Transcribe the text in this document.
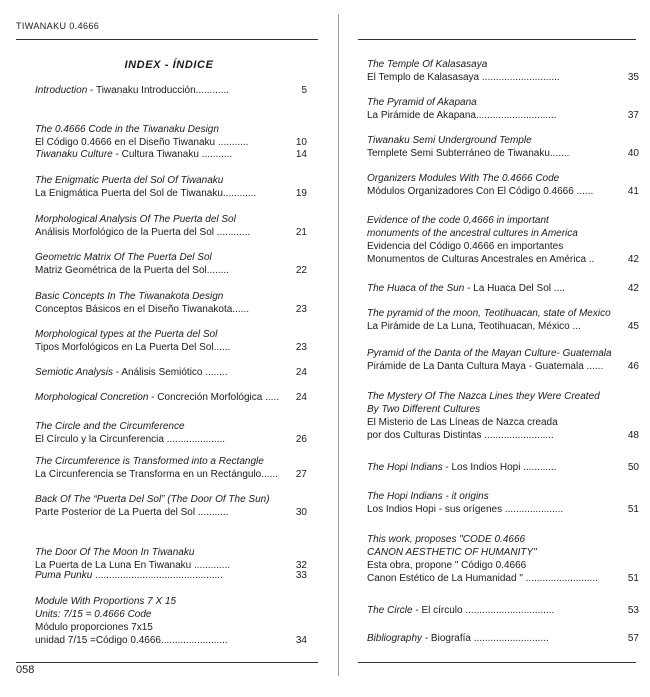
TIWANAKU 0.4666
INDEX - ÍNDICE
Introduction - Tiwanaku Introducción............	5
The 0.4666 Code in the Tiwanaku Design
El Código 0.4666 en el Diseño Tiwanaku ...........	10
Tiwanaku Culture - Cultura Tiwanaku ...........	14
The Enigmatic Puerta del Sol Of Tiwanaku
La Enigmática Puerta del Sol de Tiwanaku............	19
Morphological Analysis Of The Puerta del Sol
Análisis Morfológico de la Puerta del Sol ............	21
Geometric Matrix Of The Puerta Del Sol
Matriz Geométrica de la Puerta del Sol........	22
Basic Concepts In The Tiwanakota Design
Conceptos Básicos en el Diseño Tiwanakota......	23
Morphological types at the Puerta del Sol
Tipos Morfológicos en La Puerta Del Sol......	23
Semiotic Analysis - Análisis Semiótico ........	24
Morphological Concretion - Concreción Morfológica .....	24
The Circle and the Circumference
El Círculo y la Circunferencia .....................	26
The Circumference is Transformed into a Rectangle
La Circunferencia se Transforma en un Rectángulo......	27
Back Of The “Puerta Del Sol” (The Door Of The Sun)
Parte Posterior de La Puerta del Sol ...........	30
The Door Of The Moon In Tiwanaku
La Puerta de La Luna En Tiwanaku .............	32
Puma Punku ..............................................	33
Module With Proportions 7 X 15
Units: 7/15 = 0.4666 Code
Módulo proporciones 7x15
unidad 7/15 =Código 0.4666........................	34
The Temple Of Kalasasaya
El Templo de Kalasasaya ............................	35
The Pyramid of Akapana
La Pirámide de Akapana.............................	37
Tiwanaku Semi Underground Temple
Templete Semi Subterráneo de Tiwanaku.......	40
Organizers Modules With The 0.4666 Code
Módulos Organizadores Con El Código 0.4666 ......	41
Evidence of the code 0,4666 in important
monuments of the ancestral cultures in America
Evidencia del Código 0.4666 en importantes
Monumentos de Culturas Ancestrales en América ..	42
The Huaca of the Sun - La Huaca Del Sol ....	42
The pyramid of the moon, Teotihuacan, state of Mexico
La Pirámide de La Luna, Teotihuacan, México ...	45
Pyramid of the Danta of the Mayan Culture- Guatemala
Pirámide de La Danta Cultura Maya - Guatemala ......	46
The Mystery Of The Nazca Lines they Were Created
By Two Different Cultures
El Misterio de Las Líneas de Nazca creada
por dos Culturas Distintas .........................	48
The Hopi Indians - Los Indios Hopi ............	50
The Hopi Indians - it origins
Los Indios Hopi - sus orígenes .....................	51
This work, proposes "CODE 0.4666
CANON AESTHETIC OF HUMANITY"
Esta obra, propone " Código 0.4666
Canon Estético de La Humanidad " ..........................	51
The Circle - El círculo ................................	53
Bibliography - Biografía ...........................	57
058
